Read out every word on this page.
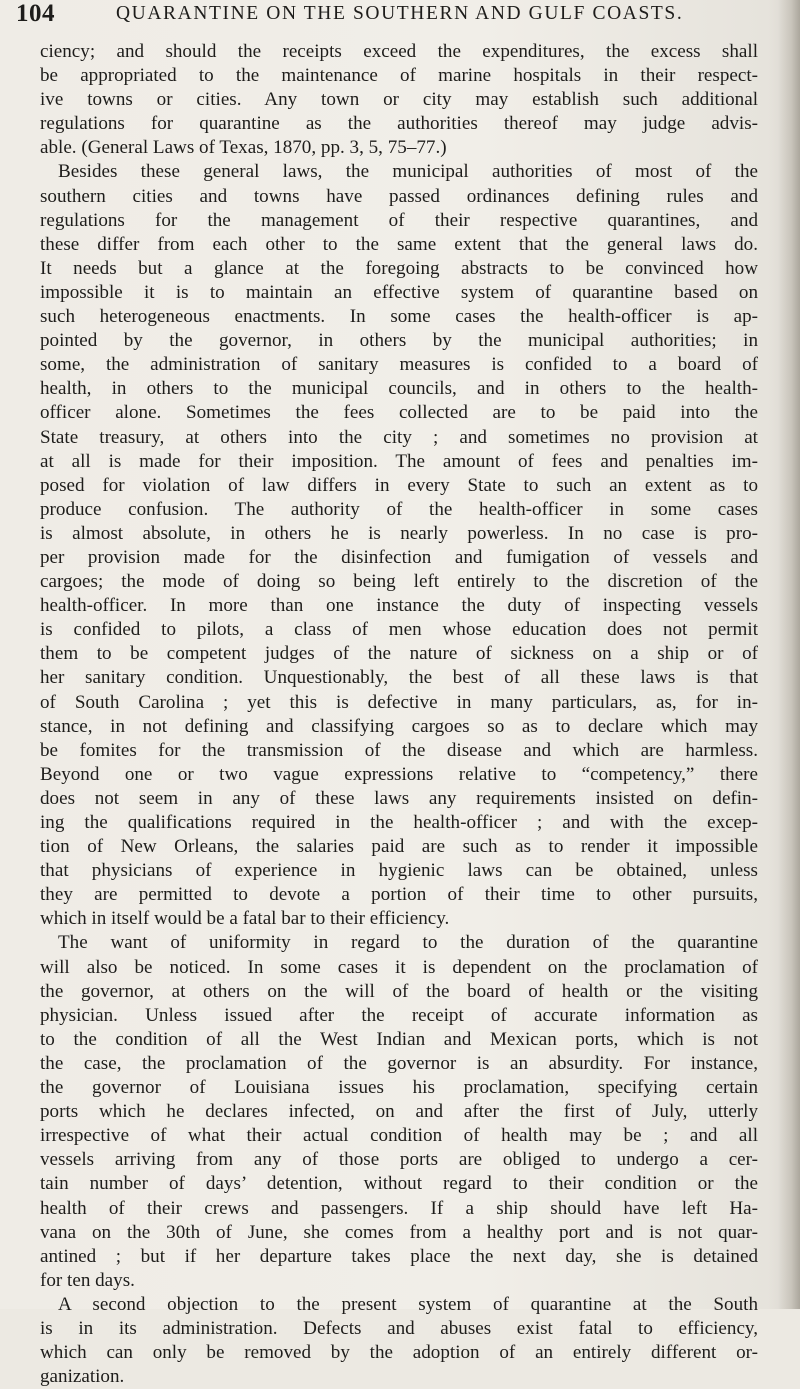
104	QUARANTINE ON THE SOUTHERN AND GULF COASTS.

ciency; and should the receipts exceed the expenditures, the excess shall
be appropriated to the maintenance of marine hospitals in their respect-
ive towns or cities. Any town or city may establish such additional
regulations for quarantine as the authorities thereof may judge advis-
able. (General Laws of Texas, 1870, pp. 3, 5, 75–77.)

Besides these general laws, the municipal authorities of most of the
southern cities and towns have passed ordinances defining rules and
regulations for the management of their respective quarantines, and
these differ from each other to the same extent that the general laws do.
It needs but a glance at the foregoing abstracts to be convinced how
impossible it is to maintain an effective system of quarantine based on
such heterogeneous enactments. In some cases the health-officer is ap-
pointed by the governor, in others by the municipal authorities; in
some, the administration of sanitary measures is confided to a board of
health, in others to the municipal councils, and in others to the health-
officer alone. Sometimes the fees collected are to be paid into the
State treasury, at others into the city ; and sometimes no provision at
at all is made for their imposition. The amount of fees and penalties im-
posed for violation of law differs in every State to such an extent as to
produce confusion. The authority of the health-officer in some cases
is almost absolute, in others he is nearly powerless. In no case is pro-
per provision made for the disinfection and fumigation of vessels and
cargoes; the mode of doing so being left entirely to the discretion of the
health-officer. In more than one instance the duty of inspecting vessels
is confided to pilots, a class of men whose education does not permit
them to be competent judges of the nature of sickness on a ship or of
her sanitary condition. Unquestionably, the best of all these laws is that
of South Carolina ; yet this is defective in many particulars, as, for in-
stance, in not defining and classifying cargoes so as to declare which may
be fomites for the transmission of the disease and which are harmless.
Beyond one or two vague expressions relative to “competency,” there
does not seem in any of these laws any requirements insisted on defin-
ing the qualifications required in the health-officer ; and with the excep-
tion of New Orleans, the salaries paid are such as to render it impossible
that physicians of experience in hygienic laws can be obtained, unless
they are permitted to devote a portion of their time to other pursuits,
which in itself would be a fatal bar to their efficiency.

The want of uniformity in regard to the duration of the quarantine
will also be noticed. In some cases it is dependent on the proclamation of
the governor, at others on the will of the board of health or the visiting
physician. Unless issued after the receipt of accurate information as
to the condition of all the West Indian and Mexican ports, which is not
the case, the proclamation of the governor is an absurdity. For instance,
the governor of Louisiana issues his proclamation, specifying certain
ports which he declares infected, on and after the first of July, utterly
irrespective of what their actual condition of health may be ; and all
vessels arriving from any of those ports are obliged to undergo a cer-
tain number of days’ detention, without regard to their condition or the
health of their crews and passengers. If a ship should have left Ha-
vana on the 30th of June, she comes from a healthy port and is not quar-
antined ; but if her departure takes place the next day, she is detained
for ten days.

A second objection to the present system of quarantine at the South
is in its administration. Defects and abuses exist fatal to efficiency,
which can only be removed by the adoption of an entirely different or-
ganization.
